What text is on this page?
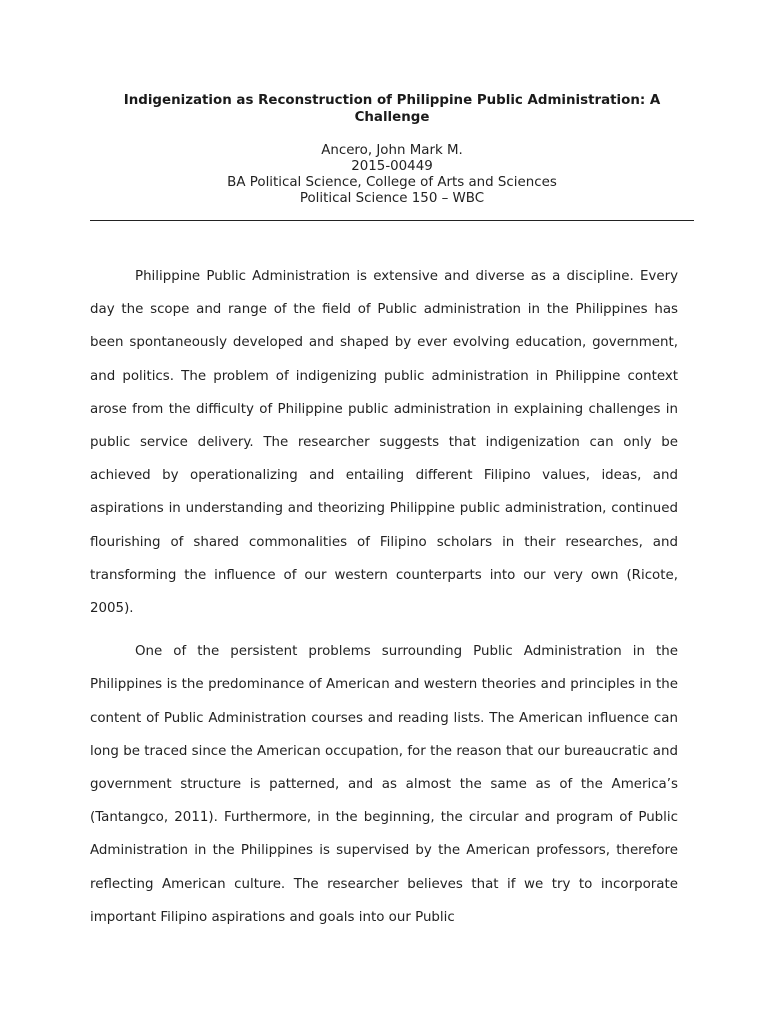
Indigenization as Reconstruction of Philippine Public Administration: A Challenge
Ancero, John Mark M.
2015-00449
BA Political Science, College of Arts and Sciences
Political Science 150 – WBC

Philippine Public Administration is extensive and diverse as a discipline. Every day the scope and range of the field of Public administration in the Philippines has been spontaneously developed and shaped by ever evolving education, government, and politics. The problem of indigenizing public administration in Philippine context arose from the difficulty of Philippine public administration in explaining challenges in public service delivery. The researcher suggests that indigenization can only be achieved by operationalizing and entailing different Filipino values, ideas, and aspirations in understanding and theorizing Philippine public administration, continued flourishing of shared commonalities of Filipino scholars in their researches, and transforming the influence of our western counterparts into our very own (Ricote, 2005).

One of the persistent problems surrounding Public Administration in the Philippines is the predominance of American and western theories and principles in the content of Public Administration courses and reading lists. The American influence can long be traced since the American occupation, for the reason that our bureaucratic and government structure is patterned, and as almost the same as of the America’s (Tantangco, 2011). Furthermore, in the beginning, the circular and program of Public Administration in the Philippines is supervised by the American professors, therefore reflecting American culture. The researcher believes that if we try to incorporate important Filipino aspirations and goals into our Public
